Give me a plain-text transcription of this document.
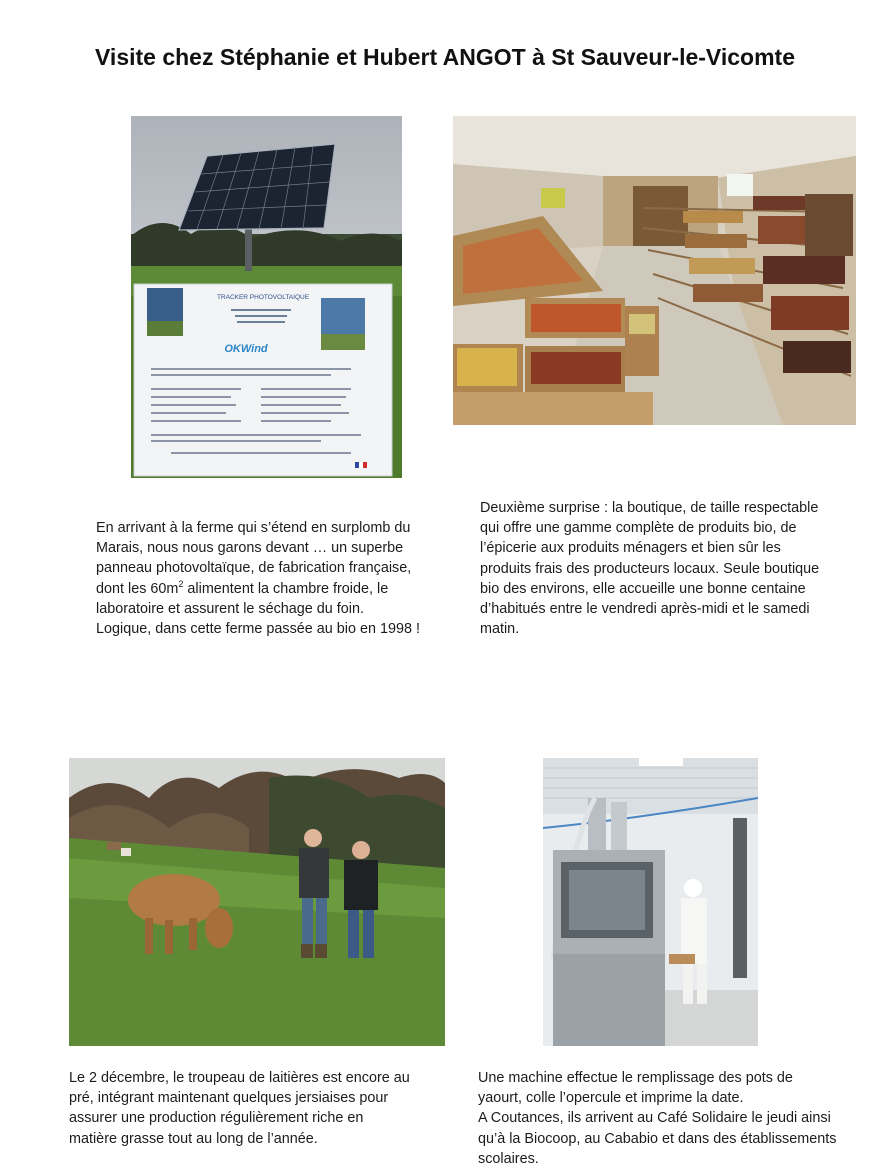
Visite chez Stéphanie et Hubert ANGOT à St Sauveur-le-Vicomte
TRACKER PHOTOVOLTAIQUE
OKWind
En arrivant à la ferme qui s’étend en surplomb du
Marais, nous nous garons devant … un superbe
panneau photovoltaïque, de fabrication française,
dont les $60m^2$ alimentent la chambre froide, le
laboratoire et assurent le séchage du foin.
Logique, dans cette ferme passée au bio en 1998 !
Deuxième surprise : la boutique, de taille respectable
qui offre une gamme complète de produits bio, de
l’épicerie aux produits ménagers et bien sûr les
produits frais des producteurs locaux. Seule boutique
bio des environs, elle accueille une bonne centaine
d’habitués entre le vendredi après-midi et le samedi
matin.
Le 2 décembre, le troupeau de laitières est encore au
pré, intégrant maintenant quelques jersiaises pour
assurer une production régulièrement riche en
matière grasse tout au long de l’année.
Une machine effectue le remplissage des pots de
yaourt, colle l’opercule et imprime la date.
A Coutances, ils arrivent au Café Solidaire le jeudi ainsi
qu’à la Biocoop, au Cababio et dans des établissements
scolaires.
